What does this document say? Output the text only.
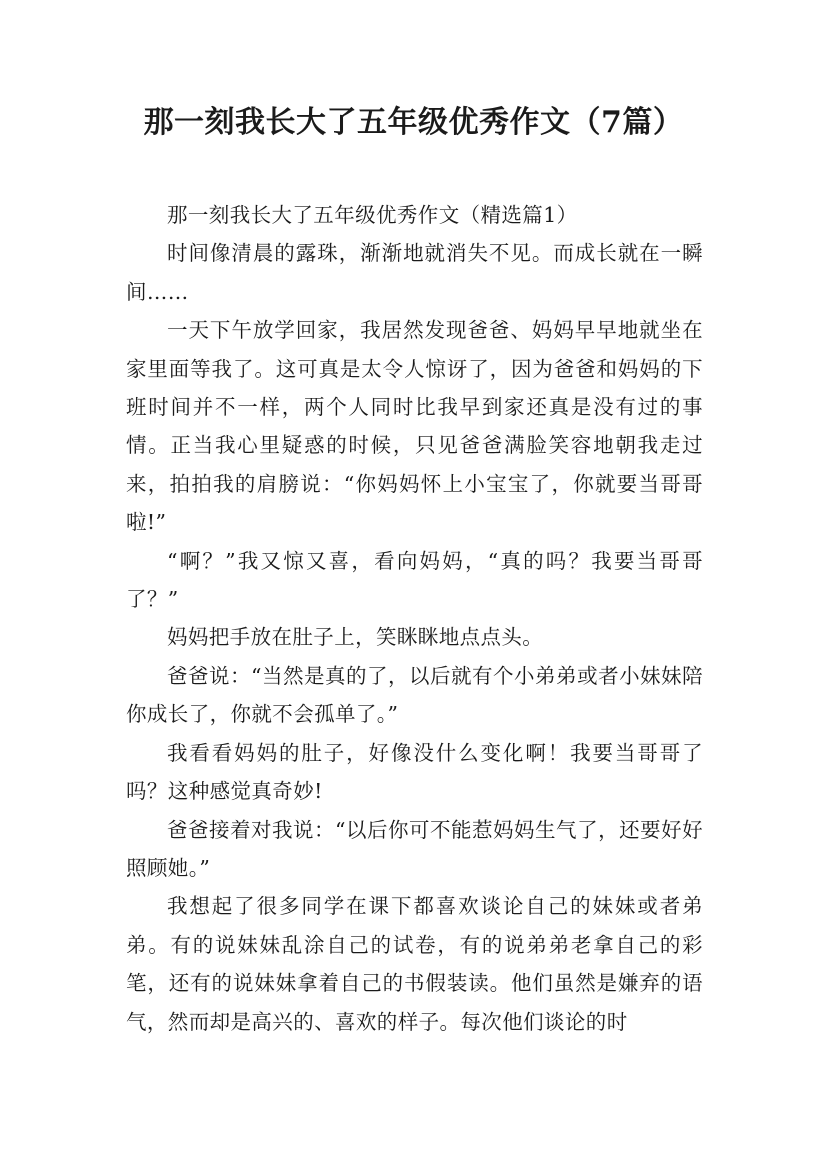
那一刻我长大了五年级优秀作文（7篇）

那一刻我长大了五年级优秀作文（精选篇1）

时间像清晨的露珠，渐渐地就消失不见。而成长就在一瞬间……

一天下午放学回家，我居然发现爸爸、妈妈早早地就坐在家里面等我了。这可真是太令人惊讶了，因为爸爸和妈妈的下班时间并不一样，两个人同时比我早到家还真是没有过的事情。正当我心里疑惑的时候，只见爸爸满脸笑容地朝我走过来，拍拍我的肩膀说：“你妈妈怀上小宝宝了，你就要当哥哥啦!”

“啊？”我又惊又喜，看向妈妈，“真的吗？我要当哥哥了？”

妈妈把手放在肚子上，笑眯眯地点点头。

爸爸说：“当然是真的了，以后就有个小弟弟或者小妹妹陪你成长了，你就不会孤单了。”

我看看妈妈的肚子，好像没什么变化啊！我要当哥哥了吗？这种感觉真奇妙!

爸爸接着对我说：“以后你可不能惹妈妈生气了，还要好好照顾她。”

我想起了很多同学在课下都喜欢谈论自己的妹妹或者弟弟。有的说妹妹乱涂自己的试卷，有的说弟弟老拿自己的彩笔，还有的说妹妹拿着自己的书假装读。他们虽然是嫌弃的语气，然而却是高兴的、喜欢的样子。每次他们谈论的时
